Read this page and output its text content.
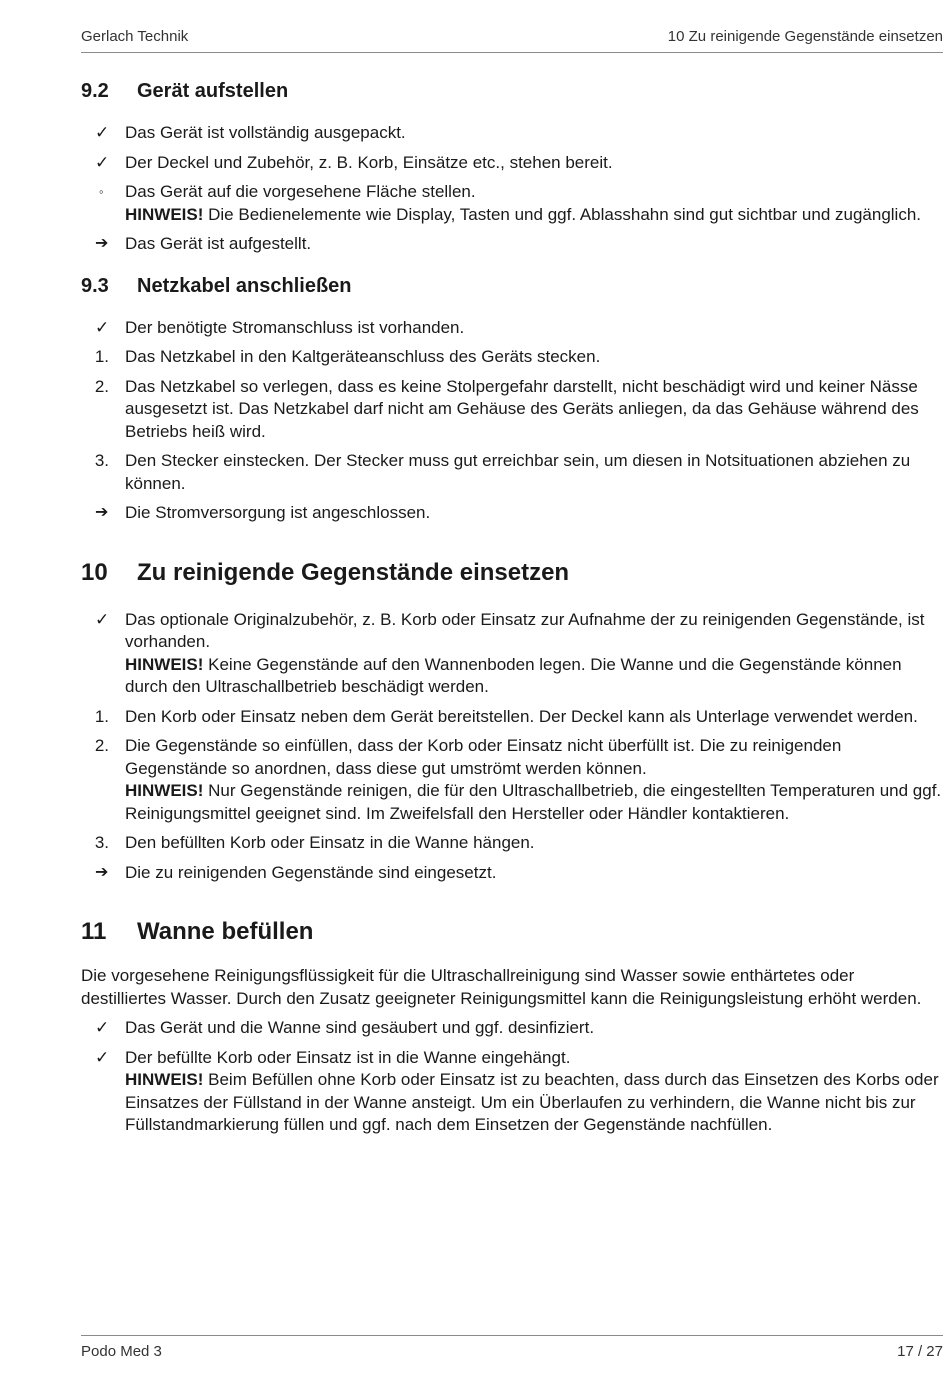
Gerlach Technik	10 Zu reinigende Gegenstände einsetzen
9.2 Gerät aufstellen
✓ Das Gerät ist vollständig ausgepackt.
✓ Der Deckel und Zubehör, z. B. Korb, Einsätze etc., stehen bereit.
◦	Das Gerät auf die vorgesehene Fläche stellen.
HINWEIS! Die Bedienelemente wie Display, Tasten und ggf. Ablasshahn sind gut sichtbar und zugänglich.
➔ Das Gerät ist aufgestellt.
9.3 Netzkabel anschließen
✓ Der benötigte Stromanschluss ist vorhanden.
1. Das Netzkabel in den Kaltgeräteanschluss des Geräts stecken.
2. Das Netzkabel so verlegen, dass es keine Stolpergefahr darstellt, nicht beschädigt wird und keiner Nässe ausgesetzt ist. Das Netzkabel darf nicht am Gehäuse des Geräts anliegen, da das Gehäuse während des Betriebs heiß wird.
3. Den Stecker einstecken. Der Stecker muss gut erreichbar sein, um diesen in Notsituationen abziehen zu können.
➔ Die Stromversorgung ist angeschlossen.
10 Zu reinigende Gegenstände einsetzen
✓ Das optionale Originalzubehör, z. B. Korb oder Einsatz zur Aufnahme der zu reinigenden Gegenstände, ist vorhanden.
HINWEIS! Keine Gegenstände auf den Wannenboden legen. Die Wanne und die Gegenstände können durch den Ultraschallbetrieb beschädigt werden.
1. Den Korb oder Einsatz neben dem Gerät bereitstellen. Der Deckel kann als Unterlage verwendet werden.
2. Die Gegenstände so einfüllen, dass der Korb oder Einsatz nicht überfüllt ist. Die zu reinigenden Gegenstände so anordnen, dass diese gut umströmt werden können.
HINWEIS! Nur Gegenstände reinigen, die für den Ultraschallbetrieb, die eingestellten Temperaturen und ggf. Reinigungsmittel geeignet sind. Im Zweifelsfall den Hersteller oder Händler kontaktieren.
3. Den befüllten Korb oder Einsatz in die Wanne hängen.
➔ Die zu reinigenden Gegenstände sind eingesetzt.
11 Wanne befüllen

Die vorgesehene Reinigungsflüssigkeit für die Ultraschallreinigung sind Wasser sowie enthärtetes oder destilliertes Wasser. Durch den Zusatz geeigneter Reinigungsmittel kann die Reinigungsleistung erhöht werden.

✓ Das Gerät und die Wanne sind gesäubert und ggf. desinfiziert.
✓ Der befüllte Korb oder Einsatz ist in die Wanne eingehängt.
HINWEIS! Beim Befüllen ohne Korb oder Einsatz ist zu beachten, dass durch das Einsetzen des Korbs oder Einsatzes der Füllstand in der Wanne ansteigt. Um ein Überlaufen zu verhindern, die Wanne nicht bis zur Füllstandmarkierung füllen und ggf. nach dem Einsetzen der Gegenstände nachfüllen.
Podo Med 3	17 / 27
